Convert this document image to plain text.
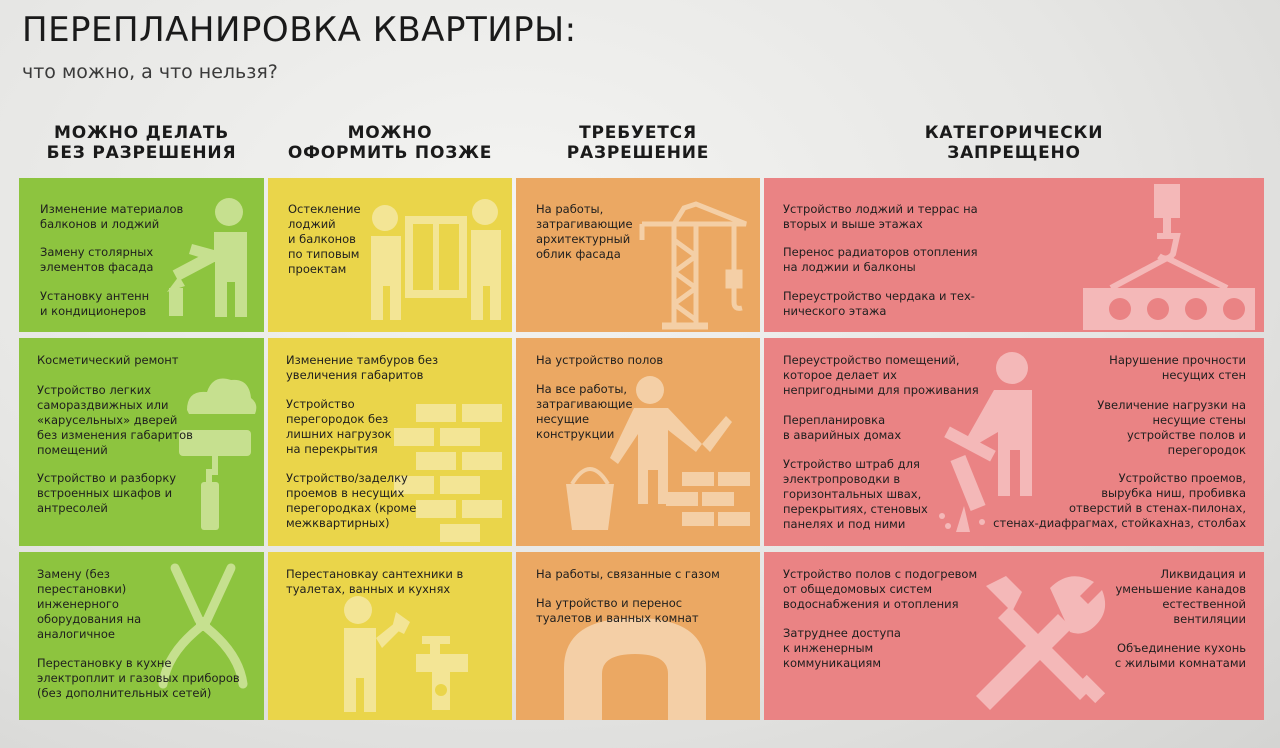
ПЕРЕПЛАНИРОВКА КВАРТИРЫ:

что можно, а что нельзя?

МОЖНО ДЕЛАТЬ
БЕЗ РАЗРЕШЕНИЯ
МОЖНО
ОФОРМИТЬ ПОЗЖЕ
ТРЕБУЕТСЯ
РАЗРЕШЕНИЕ
КАТЕГОРИЧЕСКИ
ЗАПРЕЩЕНО

Изменение материалов
балконов и лоджий

Замену столярных
элементов фасада

Установку антенн
и кондиционеров

Остекление
лоджий
и балконов
по типовым
проектам

На работы,
затрагивающие
архитектурный
облик фасада

Устройство лоджий и террас на
вторых и выше этажах

Перенос радиаторов отопления
на лоджии и балконы

Переустройство чердака и тех-
нического этажа

Косметический ремонт

Устройство легких
самораздвижных или
«карусельных» дверей
без изменения габаритов
помещений

Устройство и разборку
встроенных шкафов и
антресолей

Изменение тамбуров без
увеличения габаритов

Устройство
перегородок без
лишних нагрузок
на перекрытия

Устройство/заделку
проемов в несущих
перегородках (кроме
межквартирных)

На устройство полов

На все работы,
затрагивающие
несущие
конструкции

Переустройство помещений,
которое делает их
непригодными для проживания

Перепланировка
в аварийных домах

Устройство штраб для
электропроводки в
горизонтальных швах,
перекрытиях, стеновых
панелях и под ними

Нарушение прочности
несущих стен

Увеличение нагрузки на
несущие стены
устройстве полов и
перегородок

Устройство проемов,
вырубка ниш, пробивка
отверстий в стенах-пилонах,
стенах-диафрагмах, стойкахназ, столбах

Замену (без
перестановки)
инженерного
оборудования на
аналогичное

Перестановку в кухне
электроплит и газовых приборов
(без дополнительных сетей)

Перестановкау сантехники в
туалетах, ванных и кухнях

На работы, связанные с газом

На утройство и перенос
туалетов и ванных комнат

Устройство полов с подогревом
от общедомовых систем
водоснабжения и отопления

Затруднее доступа
к инженерным
коммуникациям

Ликвидация и
уменьшение канадов
естественной
вентиляции

Объединение кухонь
с жилыми комнатами
